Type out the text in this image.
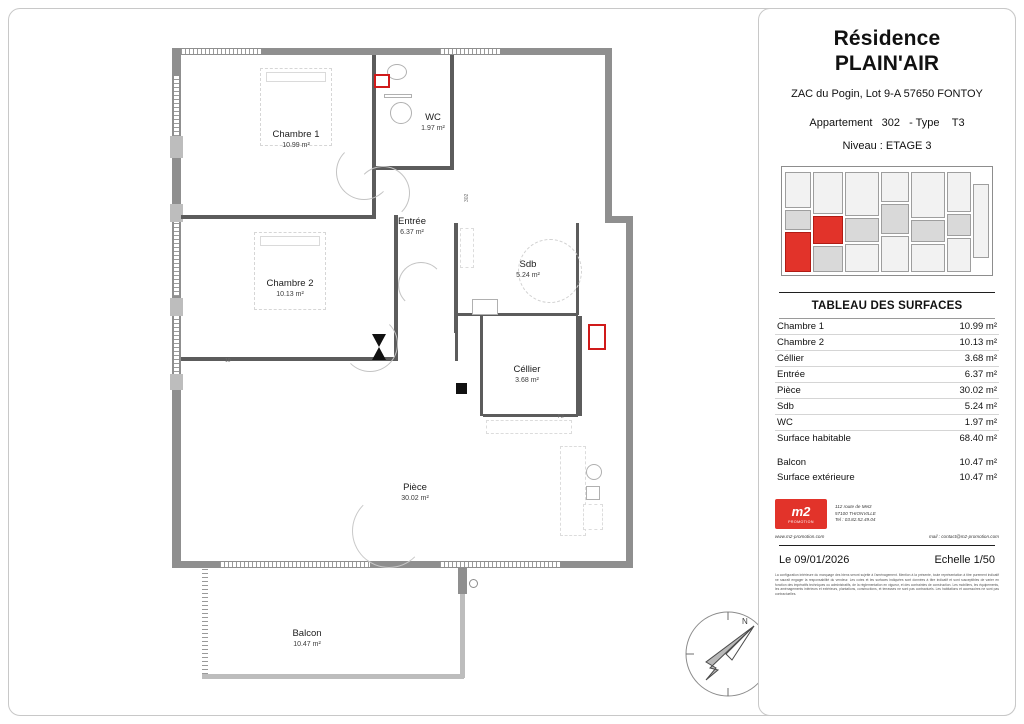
302
10
F2
Chambre 1
10.99 m²
Chambre 2
10.13 m²
WC
1.97 m²
Entrée
6.37 m²
Sdb
5.24 m²
Céllier
3.68 m²
Pièce
30.02 m²
Balcon
10.47 m²
N
Résidence
PLAIN'AIR
ZAC du Pogin, Lot 9-A 57650 FONTOY
Appartement 302 - Type T3
Niveau : ETAGE 3
TABLEAU DES SURFACES
Chambre 1	10.99 m²
Chambre 2	10.13 m²
Céllier	3.68 m²
Entrée	6.37 m²
Pièce	30.02 m²
Sdb	5.24 m²
WC	1.97 m²
Surface habitable	68.40 m²

Balcon	10.47 m²
Surface extérieure	10.47 m²
m2
PROMOTION
112 route de Metz
57100 THIONVILLE
Tel : 03.82.52.49.04
www.m2-promotion.com	mail : contact@m2-promotion.com
Le 09/01/2026	Echelle 1/50
La configuration intérieure du marquage des biens seront sujette à l'aménagement. Mention à la présente, toute représentation à titre purement indicatif ne saurait engager la responsabilité du vendeur. Les cotes et les surfaces indiquées sont données à titre indicatif et sont susceptibles de varier en fonction des impératifs techniques ou administratifs, de la réglementation en vigueur, et des contraintes de construction. Les mobiliers, les équipements, les aménagements intérieurs et extérieurs, plantations, constructions, et terrasses ne sont pas contractuels. Les habitations et accessoires ne sont pas contractuelles.
